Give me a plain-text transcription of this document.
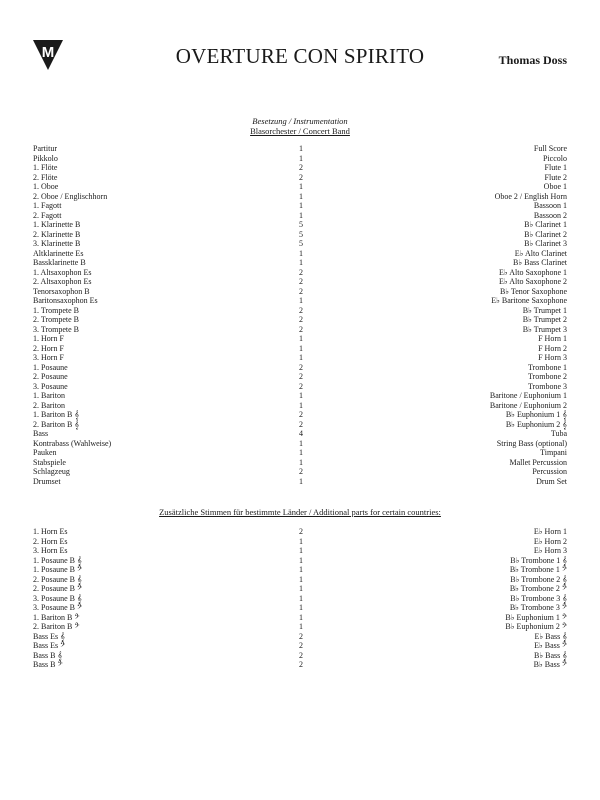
M	OVERTURE CON SPIRITO	Thomas Doss
Besetzung / Instrumentation
Blasorchester / Concert Band
Partitur	1	Full Score
Pikkolo	1	Piccolo
1. Flöte	2	Flute 1
2. Flöte	2	Flute 2
1. Oboe	1	Oboe 1
2. Oboe / Englischhorn	1	Oboe 2 / English Horn
1. Fagott	1	Bassoon 1
2. Fagott	1	Bassoon 2
1. Klarinette B	5	B♭ Clarinet 1
2. Klarinette B	5	B♭ Clarinet 2
3. Klarinette B	5	B♭ Clarinet 3
Altklarinette Es	1	E♭ Alto Clarinet
Bassklarinette B	1	B♭ Bass Clarinet
1. Altsaxophon Es	2	E♭ Alto Saxophone 1
2. Altsaxophon Es	2	E♭ Alto Saxophone 2
Tenorsaxophon B	2	B♭ Tenor Saxophone
Baritonsaxophon Es	1	E♭ Baritone Saxophone
1. Trompete B	2	B♭ Trumpet 1
2. Trompete B	2	B♭ Trumpet 2
3. Trompete B	2	B♭ Trumpet 3
1. Horn F	1	F Horn 1
2. Horn F	1	F Horn 2
3. Horn F	1	F Horn 3
1. Posaune	2	Trombone 1
2. Posaune	2	Trombone 2
3. Posaune	2	Trombone 3
1. Bariton	1	Baritone / Euphonium 1
2. Bariton	1	Baritone / Euphonium 2
1. Bariton B 𝄞	2	B♭ Euphonium 1 𝄞
2. Bariton B 𝄞	2	B♭ Euphonium 2 𝄞
Bass	4	Tuba
Kontrabass (Wahlweise)	1	String Bass (optional)
Pauken	1	Timpani
Stabspiele	1	Mallet Percussion
Schlagzeug	2	Percussion
Drumset	1	Drum Set
Zusätzliche Stimmen für bestimmte Länder / Additional parts for certain countries:
1. Horn Es	2	E♭ Horn 1
2. Horn Es	1	E♭ Horn 2
3. Horn Es	1	E♭ Horn 3
1. Posaune B 𝄞	1	B♭ Trombone 1 𝄞
1. Posaune B 𝄢	1	B♭ Trombone 1 𝄢
2. Posaune B 𝄞	1	B♭ Trombone 2 𝄞
2. Posaune B 𝄢	1	B♭ Trombone 2 𝄢
3. Posaune B 𝄞	1	B♭ Trombone 3 𝄞
3. Posaune B 𝄢	1	B♭ Trombone 3 𝄢
1. Bariton B 𝄢	1	B♭ Euphonium 1 𝄢
2. Bariton B 𝄢	1	B♭ Euphonium 2 𝄢
Bass Es 𝄞	2	E♭ Bass 𝄞
Bass Es 𝄢	2	E♭ Bass 𝄢
Bass B 𝄞	2	B♭ Bass 𝄞
Bass B 𝄢	2	B♭ Bass 𝄢
